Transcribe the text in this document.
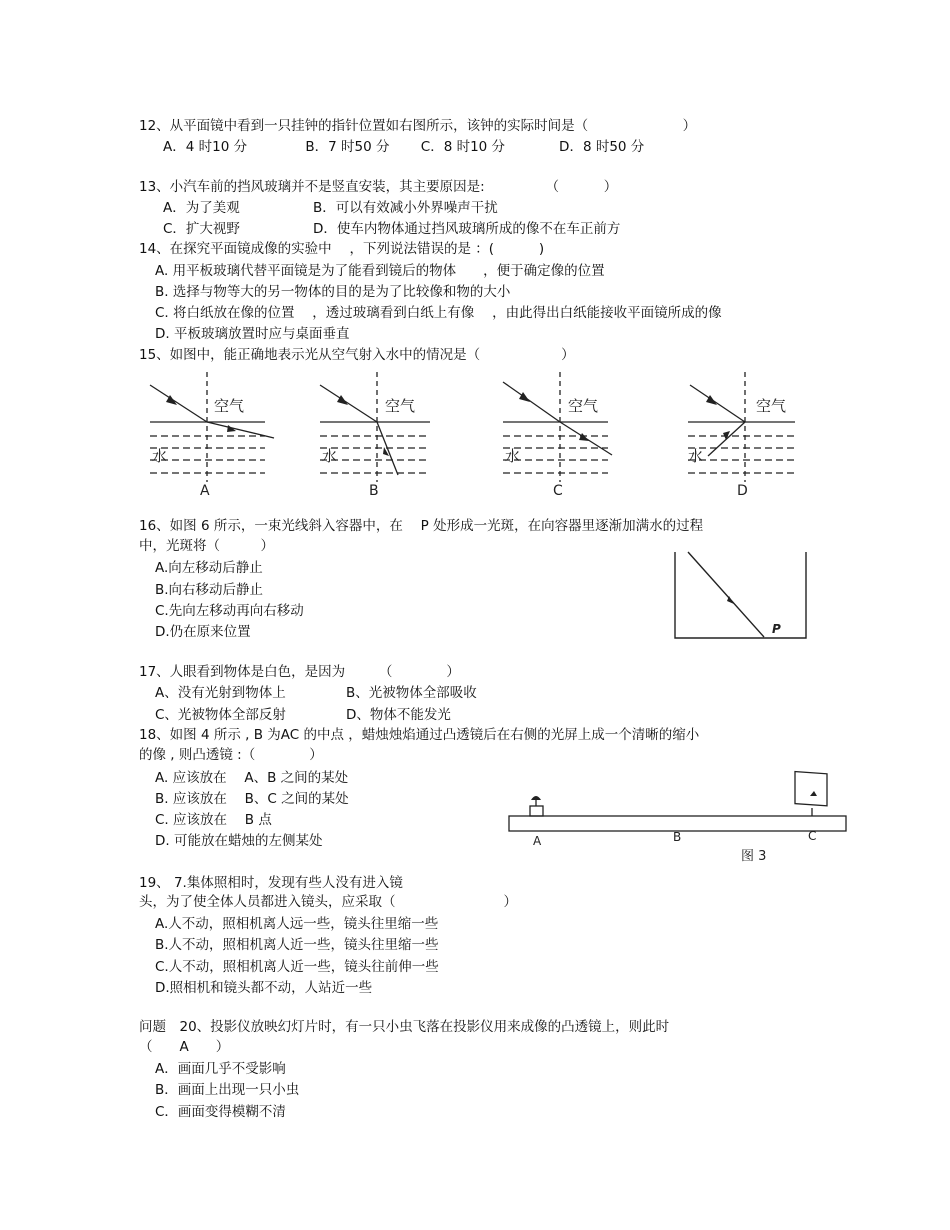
12、从平面镜中看到一只挂钟的指针位置如右图所示，该钟的实际时间是（　　　　　　　）
A．4 时10 分　　　　 B．7 时50 分　　 C．8 时10 分　　　　D．8 时50 分
13、小汽车前的挡风玻璃并不是竖直安装，其主要原因是:　　　　　（　　　 ）
A．为了美观	B．可以有效减小外界噪声干扰
C．扩大视野	D．使车内物体通过挡风玻璃所成的像不在车正前方
14、在探究平面镜成像的实验中 　，下列说法错误的是 ：(　　　 )
A. 用平板玻璃代替平面镜是为了能看到镜后的物体　　，便于确定像的位置
B. 选择与物等大的另一物体的目的是为了比较像和物的大小
C. 将白纸放在像的位置 　，透过玻璃看到白纸上有像 　，由此得出白纸能接收平面镜所成的像
D. 平板玻璃放置时应与桌面垂直
15、如图中，能正确地表示光从空气射入水中的情况是（　　　　　　）
空气	空气	空气	空气
水	水	水	水
A	B	C	D
P
A	B	C
图 3
16、如图 6 所示，一束光线斜入容器中，在 　P 处形成一光斑，在向容器里逐渐加满水的过程
中，光斑将（　　　）
A.向左移动后静止
B.向右移动后静止
C.先向左移动再向右移动
D.仍在原来位置
17、人眼看到物体是白色，是因为　　　（　　　　）
A、没有光射到物体上	B、光被物体全部吸收
C、光被物体全部反射	D、物体不能发光
18、如图 4 所示 , B 为AC 的中点 ，蜡烛烛焰通过凸透镜后在右侧的光屏上成一个清晰的缩小
的像 , 则凸透镜 :（　　　　）
A. 应该放在 　A、B 之间的某处
B. 应该放在 　B、C 之间的某处
C. 应该放在 　B 点
D. 可能放在蜡烛的左侧某处
19、 7.集体照相时，发现有些人没有进入镜
头，为了使全体人员都进入镜头，应采取（　　　　　　　　）
A.人不动，照相机离人远一些，镜头往里缩一些
B.人不动，照相机离人近一些，镜头往里缩一些
C.人不动，照相机离人近一些，镜头往前伸一些
D.照相机和镜头都不动，人站近一些
问题　20、投影仪放映幻灯片时，有一只小虫飞落在投影仪用来成像的凸透镜上，则此时
（　　A　　）
A．画面几乎不受影响
B．画面上出现一只小虫
C．画面变得模糊不清
